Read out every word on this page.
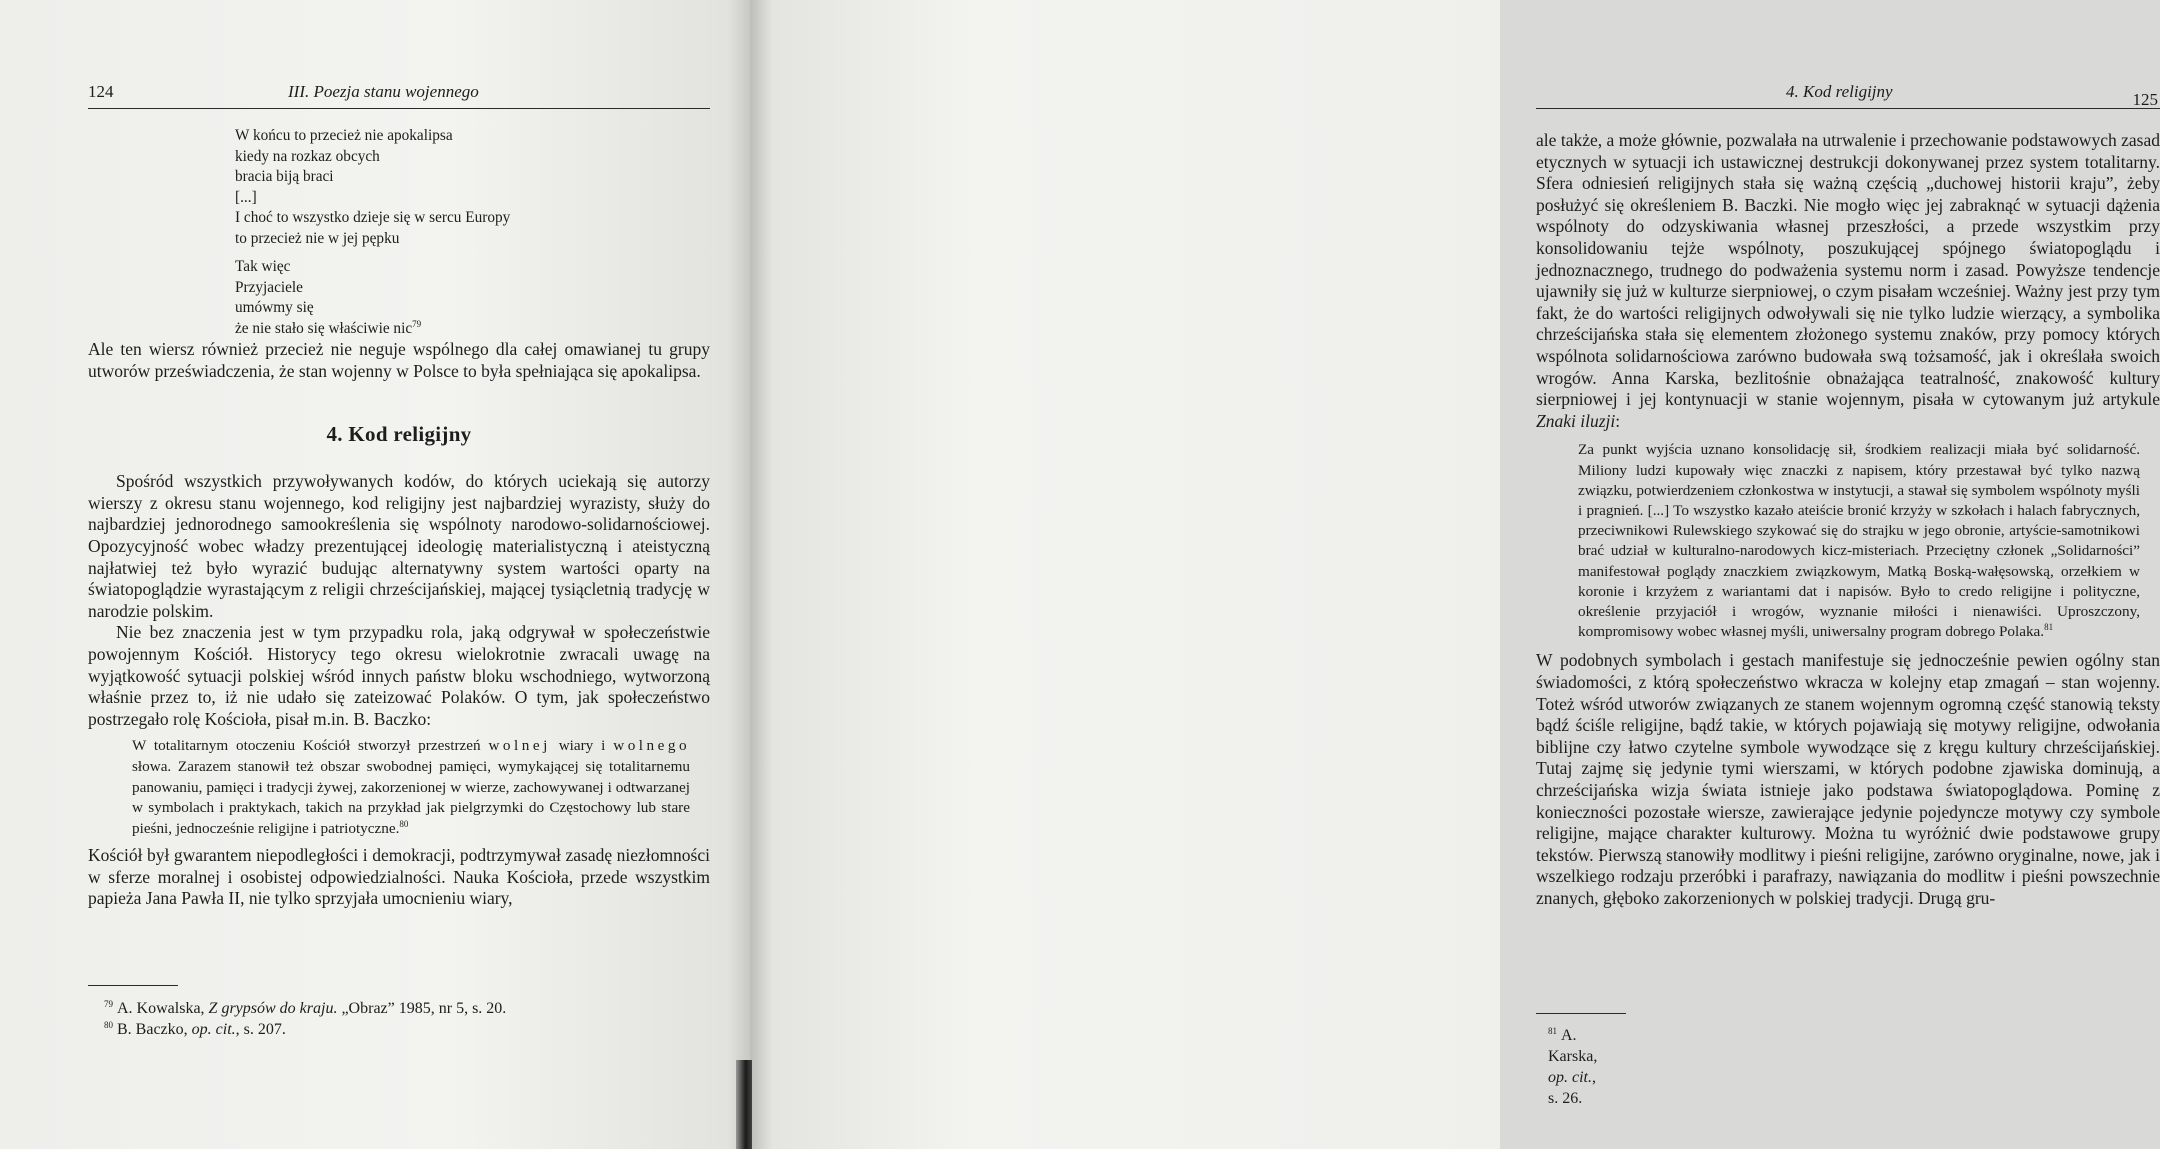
124	III. Poezja stanu wojennego
W końcu to przecież nie apokalipsa
kiedy na rozkaz obcych
bracia biją braci
[...]
I choć to wszystko dzieje się w sercu Europy
to przecież nie w jej pępku
Tak więc
Przyjaciele
umówmy się
że nie stało się właściwie nic$^{79}$

Ale ten wiersz również przecież nie neguje wspólnego dla całej omawianej tu grupy utworów przeświadczenia, że stan wojenny w Polsce to była spełniająca się apokalipsa.

4. Kod religijny

Spośród wszystkich przywoływanych kodów, do których uciekają się autorzy wierszy z okresu stanu wojennego, kod religijny jest najbardziej wyrazisty, służy do najbardziej jednorodnego samookreślenia się wspólnoty narodowo-solidarnościowej. Opozycyjność wobec władzy prezentującej ideologię materialistyczną i ateistyczną najłatwiej też było wyrazić budując alternatywny system wartości oparty na światopoglądzie wyrastającym z religii chrześcijańskiej, mającej tysiącletnią tradycję w narodzie polskim.

Nie bez znaczenia jest w tym przypadku rola, jaką odgrywał w społeczeństwie powojennym Kościół. Historycy tego okresu wielokrotnie zwracali uwagę na wyjątkowość sytuacji polskiej wśród innych państw bloku wschodniego, wytworzoną właśnie przez to, iż nie udało się zateizować Polaków. O tym, jak społeczeństwo postrzegało rolę Kościoła, pisał m.in. B. Baczko:

W totalitarnym otoczeniu Kościół stworzył przestrzeń wolnej wiary i wolnego słowa. Zarazem stanowił też obszar swobodnej pamięci, wymykającej się totalitarnemu panowaniu, pamięci i tradycji żywej, zakorzenionej w wierze, zachowywanej i odtwarzanej w symbolach i praktykach, takich na przykład jak pielgrzymki do Częstochowy lub stare pieśni, jednocześnie religijne i patriotyczne.$^{80}$

Kościół był gwarantem niepodległości i demokracji, podtrzymywał zasadę niezłomności w sferze moralnej i osobistej odpowiedzialności. Nauka Kościoła, przede wszystkim papieża Jana Pawła II, nie tylko sprzyjała umocnieniu wiary,

$^{79}$ A. Kowalska, Z grypsów do kraju. „Obraz” 1985, nr 5, s. 20.
$^{80}$ B. Baczko, op. cit., s. 207.
4. Kod religijny	125

ale także, a może głównie, pozwalała na utrwalenie i przechowanie podstawowych zasad etycznych w sytuacji ich ustawicznej destrukcji dokonywanej przez system totalitarny. Sfera odniesień religijnych stała się ważną częścią „duchowej historii kraju”, żeby posłużyć się określeniem B. Baczki. Nie mogło więc jej zabraknąć w sytuacji dążenia wspólnoty do odzyskiwania własnej przeszłości, a przede wszystkim przy konsolidowaniu tejże wspólnoty, poszukującej spójnego światopoglądu i jednoznacznego, trudnego do podważenia systemu norm i zasad. Powyższe tendencje ujawniły się już w kulturze sierpniowej, o czym pisałam wcześniej. Ważny jest przy tym fakt, że do wartości religijnych odwoływali się nie tylko ludzie wierzący, a symbolika chrześcijańska stała się elementem złożonego systemu znaków, przy pomocy których wspólnota solidarnościowa zarówno budowała swą tożsamość, jak i określała swoich wrogów. Anna Karska, bezlitośnie obnażająca teatralność, znakowość kultury sierpniowej i jej kontynuacji w stanie wojennym, pisała w cytowanym już artykule Znaki iluzji:

Za punkt wyjścia uznano konsolidację sił, środkiem realizacji miała być solidarność. Miliony ludzi kupowały więc znaczki z napisem, który przestawał być tylko nazwą związku, potwierdzeniem członkostwa w instytucji, a stawał się symbolem wspólnoty myśli i pragnień. [...] To wszystko kazało ateiście bronić krzyży w szkołach i halach fabrycznych, przeciwnikowi Rulewskiego szykować się do strajku w jego obronie, artyście-samotnikowi brać udział w kulturalno-narodowych kicz-misteriach. Przeciętny członek „Solidarności” manifestował poglądy znaczkiem związkowym, Matką Boską-wałęsowską, orzełkiem w koronie i krzyżem z wariantami dat i napisów. Było to credo religijne i polityczne, określenie przyjaciół i wrogów, wyznanie miłości i nienawiści. Uproszczony, kompromisowy wobec własnej myśli, uniwersalny program dobrego Polaka.$^{81}$

W podobnych symbolach i gestach manifestuje się jednocześnie pewien ogólny stan świadomości, z którą społeczeństwo wkracza w kolejny etap zmagań – stan wojenny. Toteż wśród utworów związanych ze stanem wojennym ogromną część stanowią teksty bądź ściśle religijne, bądź takie, w których pojawiają się motywy religijne, odwołania biblijne czy łatwo czytelne symbole wywodzące się z kręgu kultury chrześcijańskiej. Tutaj zajmę się jedynie tymi wierszami, w których podobne zjawiska dominują, a chrześcijańska wizja świata istnieje jako podstawa światopoglądowa. Pominę z konieczności pozostałe wiersze, zawierające jedynie pojedyncze motywy czy symbole religijne, mające charakter kulturowy. Można tu wyróżnić dwie podstawowe grupy tekstów. Pierwszą stanowiły modlitwy i pieśni religijne, zarówno oryginalne, nowe, jak i wszelkiego rodzaju przeróbki i parafrazy, nawiązania do modlitw i pieśni powszechnie znanych, głęboko zakorzenionych w polskiej tradycji. Drugą gru-

$^{81}$ A. Karska, op. cit., s. 26.
